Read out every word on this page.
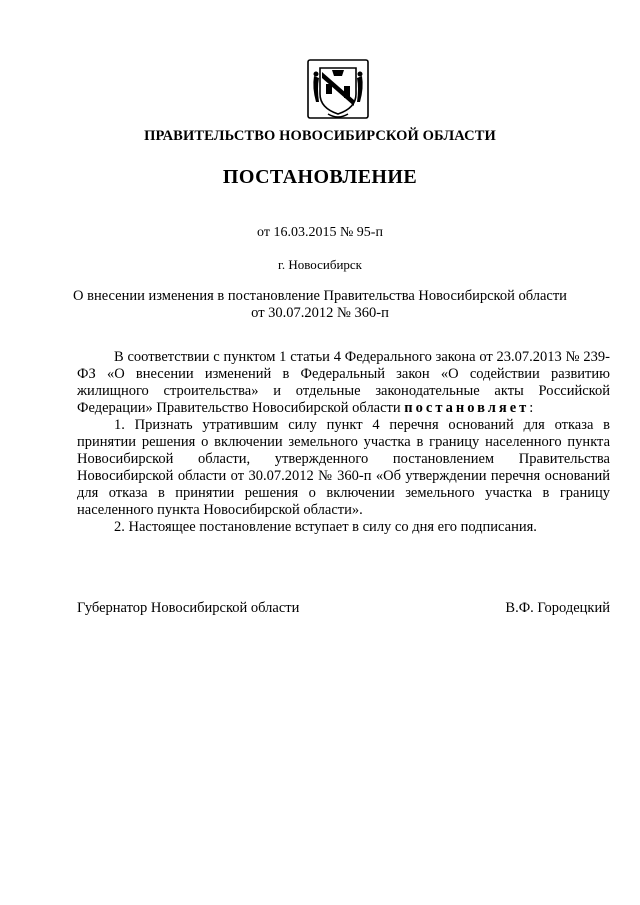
ПРАВИТЕЛЬСТВО НОВОСИБИРСКОЙ ОБЛАСТИ
ПОСТАНОВЛЕНИЕ
от 16.03.2015 № 95-п
г. Новосибирск
О внесении изменения в постановление Правительства Новосибирской области
от 30.07.2012 № 360-п

В соответствии с пунктом 1 статьи 4 Федерального закона от 23.07.2013 № 239-ФЗ «О внесении изменений в Федеральный закон «О содействии развитию жилищного строительства» и отдельные законодательные акты Российской Федерации» Правительство Новосибирской области постановляет:

1. Признать утратившим силу пункт 4 перечня оснований для отказа в принятии решения о включении земельного участка в границу населенного пункта Новосибирской области, утвержденного постановлением Правительства Новосибирской области от 30.07.2012 № 360-п «Об утверждении перечня оснований для отказа в принятии решения о включении земельного участка в границу населенного пункта Новосибирской области».

2. Настоящее постановление вступает в силу со дня его подписания.

Губернатор Новосибирской области	В.Ф. Городецкий
